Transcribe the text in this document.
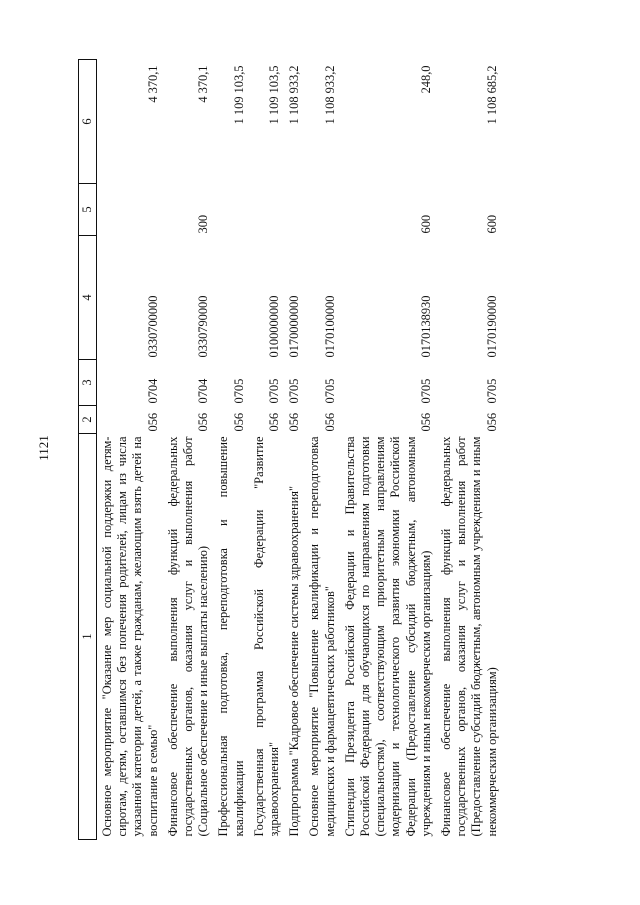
1121
1	2	3	4	5	6
Основное мероприятие "Оказание мер социальной поддержки детям-сиротам, детям, оставшимся без попечения родителей, лицам из числа указанной категории детей, а также гражданам, желающим взять детей на воспитание в семью"	056	0704	0330700000		4 370,1
Финансовое обеспечение выполнения функций федеральных государственных органов, оказания услуг и выполнения работ (Социальное обеспечение и иные выплаты населению)	056	0704	0330790000	300	4 370,1
Профессиональная подготовка, переподготовка и повышение квалификации	056	0705			1 109 103,5
Государственная программа Российской Федерации "Развитие здравоохранения"	056	0705	0100000000		1 109 103,5
Подпрограмма "Кадровое обеспечение системы здравоохранения"	056	0705	0170000000		1 108 933,2
Основное мероприятие "Повышение квалификации и переподготовка медицинских и фармацевтических работников"	056	0705	0170100000		1 108 933,2
Стипендии Президента Российской Федерации и Правительства Российской Федерации для обучающихся по направлениям подготовки (специальностям), соответствующим приоритетным направлениям модернизации и технологического развития экономики Российской Федерации (Предоставление субсидий бюджетным, автономным учреждениям и иным некоммерческим организациям)	056	0705	0170138930	600	248,0
Финансовое обеспечение выполнения функций федеральных государственных органов, оказания услуг и выполнения работ (Предоставление субсидий бюджетным, автономным учреждениям и иным некоммерческим организациям)	056	0705	0170190000	600	1 108 685,2
